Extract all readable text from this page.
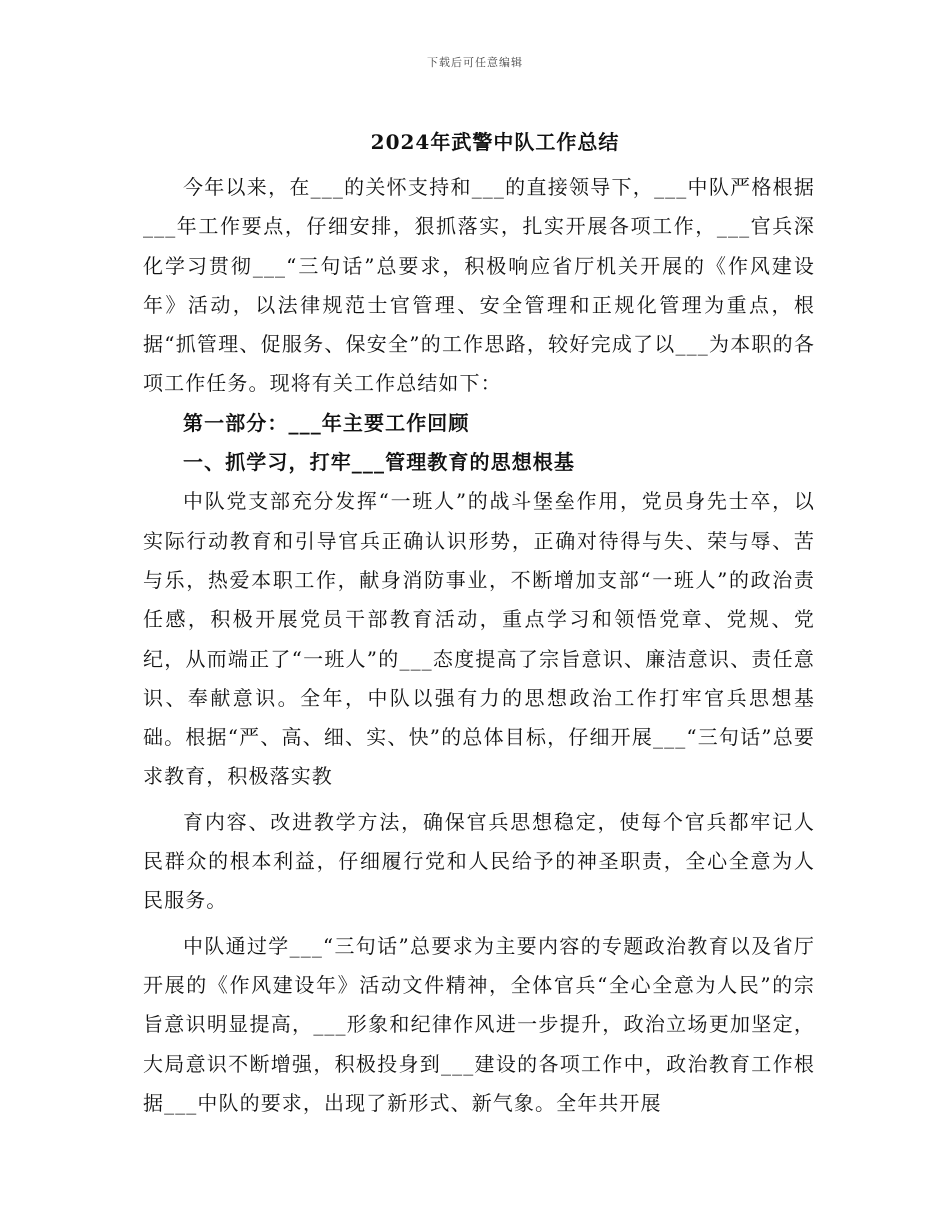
下载后可任意编辑
2024年武警中队工作总结

今年以来，在___的关怀支持和___的直接领导下，___中队严格根据___年工作要点，仔细安排，狠抓落实，扎实开展各项工作，___官兵深化学习贯彻___“三句话”总要求，积极响应省厅机关开展的《作风建设年》活动，以法律规范士官管理、安全管理和正规化管理为重点，根据“抓管理、促服务、保安全”的工作思路，较好完成了以___为本职的各项工作任务。现将有关工作总结如下：

第一部分：___年主要工作回顾

一、抓学习，打牢___管理教育的思想根基

中队党支部充分发挥“一班人”的战斗堡垒作用，党员身先士卒，以实际行动教育和引导官兵正确认识形势，正确对待得与失、荣与辱、苦与乐，热爱本职工作，献身消防事业，不断增加支部“一班人”的政治责任感，积极开展党员干部教育活动，重点学习和领悟党章、党规、党纪，从而端正了“一班人”的___态度提高了宗旨意识、廉洁意识、责任意识、奉献意识。全年，中队以强有力的思想政治工作打牢官兵思想基础。根据“严、高、细、实、快”的总体目标，仔细开展___“三句话”总要求教育，积极落实教

育内容、改进教学方法，确保官兵思想稳定，使每个官兵都牢记人民群众的根本利益，仔细履行党和人民给予的神圣职责，全心全意为人民服务。

中队通过学___“三句话”总要求为主要内容的专题政治教育以及省厅开展的《作风建设年》活动文件精神，全体官兵“全心全意为人民”的宗旨意识明显提高，___形象和纪律作风进一步提升，政治立场更加坚定，大局意识不断增强，积极投身到___建设的各项工作中，政治教育工作根据___中队的要求，出现了新形式、新气象。全年共开展
